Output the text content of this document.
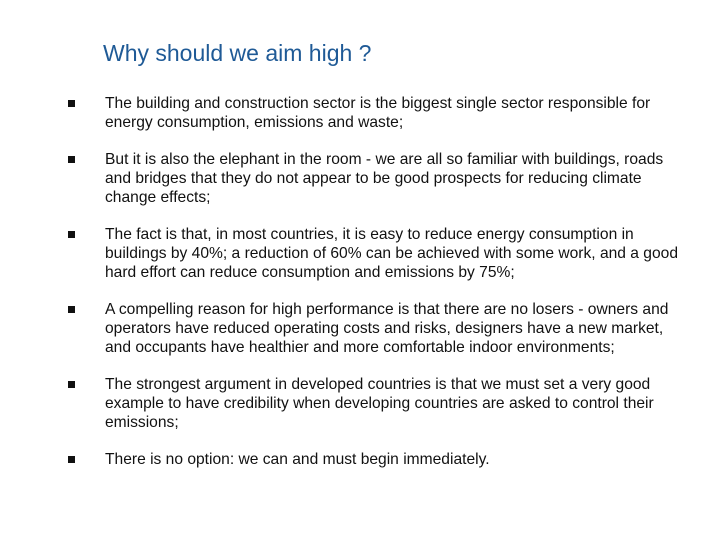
Why should we aim high ?
The building and construction sector is the biggest single sector responsible for energy consumption, emissions and waste;
But it is also the elephant in the room - we are all so familiar with buildings, roads and bridges that they do not appear to be good prospects for reducing climate change effects;
The fact is that, in most countries, it is easy to reduce energy consumption in buildings by 40%; a reduction of 60% can be achieved with some work, and a good hard effort can reduce consumption and emissions by 75%;
A compelling reason for high performance is that there are no losers - owners and operators have reduced operating costs and risks, designers have a new market, and occupants have healthier and more comfortable indoor environments;
The strongest argument in developed countries is that we must set a very good example to have credibility when developing countries are asked to control their emissions;
There is no option: we can and must begin immediately.
